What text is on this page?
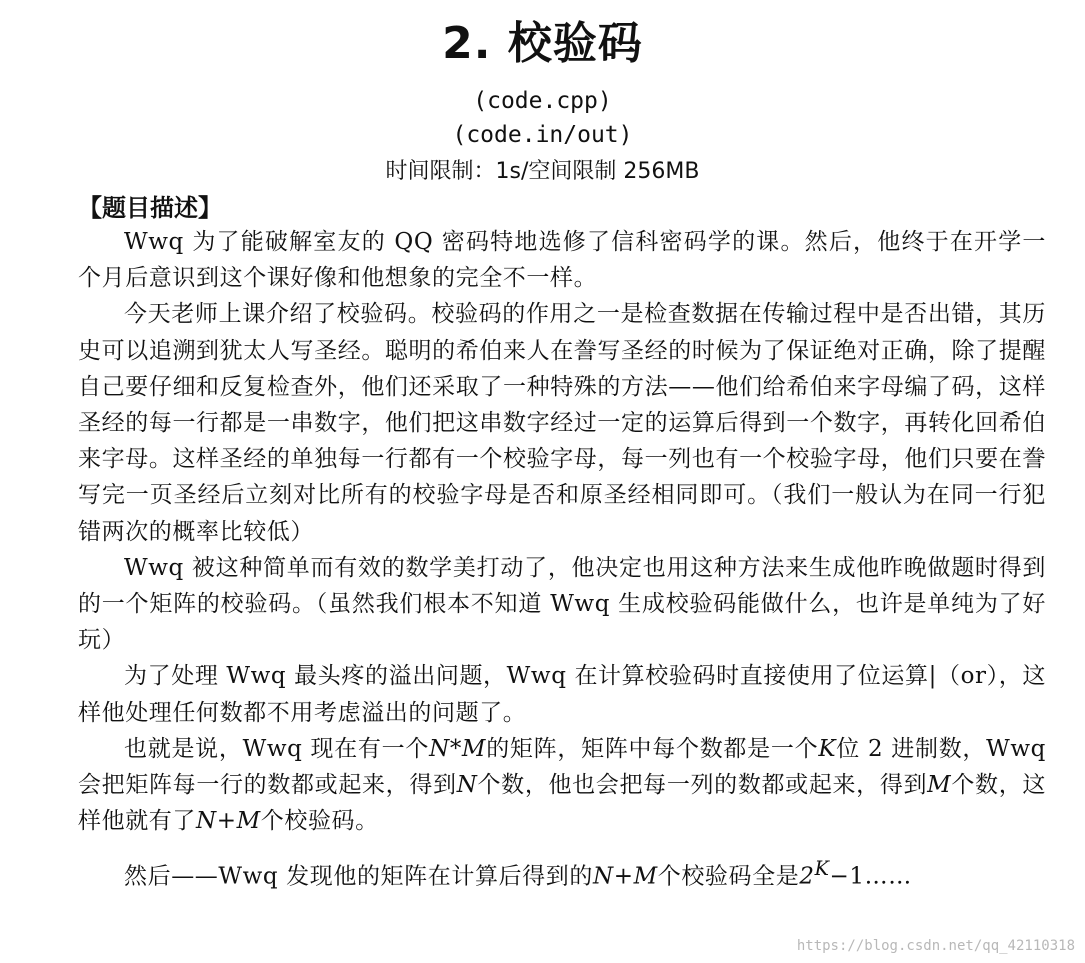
2. 校验码
(code.cpp)
(code.in/out)
时间限制：1s/空间限制 256MB
【题目描述】

Wwq 为了能破解室友的 QQ 密码特地选修了信科密码学的课。然后，他终于在开学一个月后意识到这个课好像和他想象的完全不一样。

今天老师上课介绍了校验码。校验码的作用之一是检查数据在传输过程中是否出错，其历史可以追溯到犹太人写圣经。聪明的希伯来人在誊写圣经的时候为了保证绝对正确，除了提醒自己要仔细和反复检查外，他们还采取了一种特殊的方法——他们给希伯来字母编了码，这样圣经的每一行都是一串数字，他们把这串数字经过一定的运算后得到一个数字，再转化回希伯来字母。这样圣经的单独每一行都有一个校验字母，每一列也有一个校验字母，他们只要在誊写完一页圣经后立刻对比所有的校验字母是否和原圣经相同即可。（我们一般认为在同一行犯错两次的概率比较低）

Wwq 被这种简单而有效的数学美打动了，他决定也用这种方法来生成他昨晚做题时得到的一个矩阵的校验码。（虽然我们根本不知道 Wwq 生成校验码能做什么，也许是单纯为了好玩）

为了处理 Wwq 最头疼的溢出问题，Wwq 在计算校验码时直接使用了位运算|（or），这样他处理任何数都不用考虑溢出的问题了。

也就是说，Wwq 现在有一个N*M的矩阵，矩阵中每个数都是一个K位 2 进制数，Wwq 会把矩阵每一行的数都或起来，得到N个数，他也会把每一列的数都或起来，得到M个数，这样他就有了N+M个校验码。

然后——Wwq 发现他的矩阵在计算后得到的N+M个校验码全是$2^K-1\dots\dots$

https://blog.csdn.net/qq_42110318
